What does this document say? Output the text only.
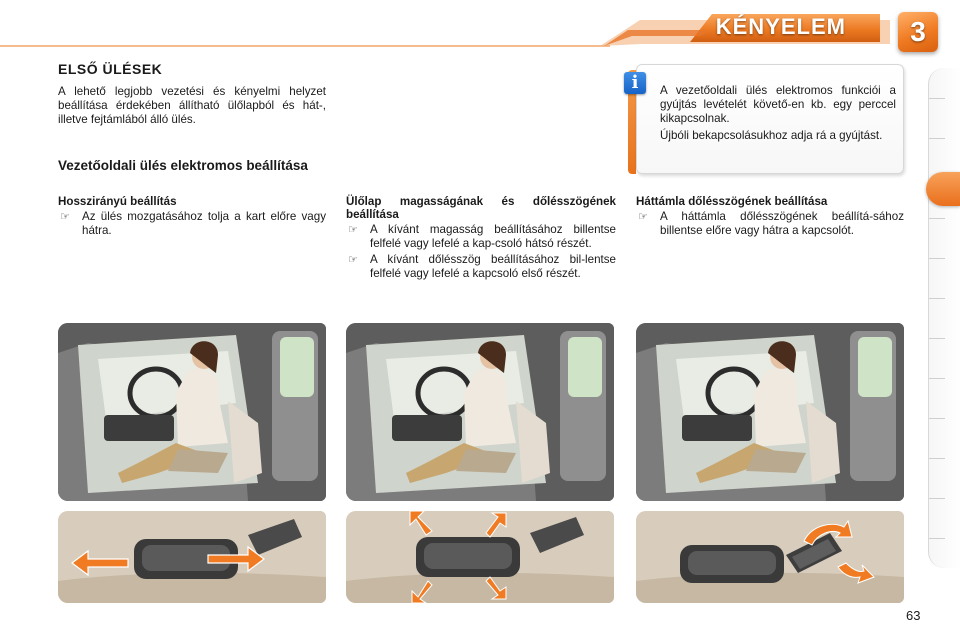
KÉNYELEM	3
ELSŐ ÜLÉSEK
A lehető legjobb vezetési és kényelmi helyzet beállítása érdekében állítható ülőlapból és hát-, illetve fejtámlából álló ülés.
Vezetőoldali ülés elektromos beállítása
i	A vezetőoldali ülés elektromos funkciói a gyújtás levételét követő-en kb. egy perccel kikapcsolnak.

Újbóli bekapcsolásukhoz adja rá a gyújtást.

Hosszirányú beállítás
☞ Az ülés mozgatásához tolja a kart előre vagy hátra.
Ülőlap magasságának és dőlésszögének beállítása
☞ A kívánt magasság beállításához billentse felfelé vagy lefelé a kap-csoló hátsó részét.
☞ A kívánt dőlésszög beállításához bil-lentse felfelé vagy lefelé a kapcsoló első részét.
Háttámla dőlésszögének beállítása
☞ A háttámla dőlésszögének beállítá-sához billentse előre vagy hátra a kapcsolót.
63
